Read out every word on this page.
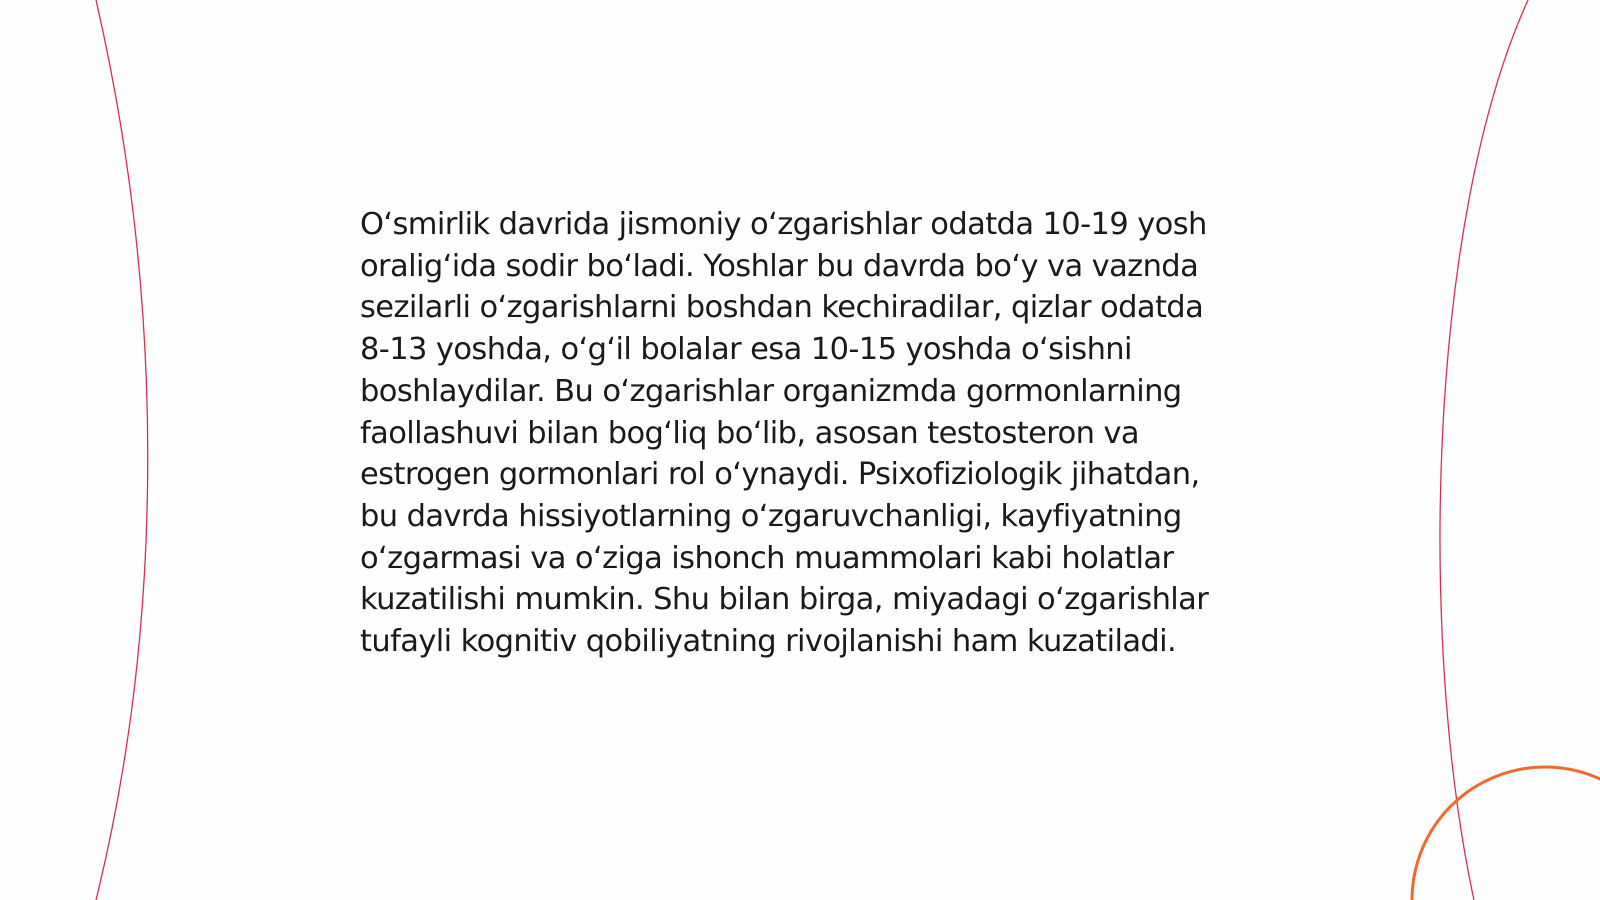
O‘smirlik davrida jismoniy o‘zgarishlar odatda 10-19 yosh oralig‘ida sodir bo‘ladi. Yoshlar bu davrda bo‘y va vaznda sezilarli o‘zgarishlarni boshdan kechiradilar, qizlar odatda 8-13 yoshda, o‘g‘il bolalar esa 10-15 yoshda o‘sishni boshlaydilar. Bu o‘zgarishlar organizmda gormonlarning faollashuvi bilan bog‘liq bo‘lib, asosan testosteron va estrogen gormonlari rol o‘ynaydi. Psixofiziologik jihatdan, bu davrda hissiyotlarning o‘zgaruvchanligi, kayfiyatning o‘zgarmasi va o‘ziga ishonch muammolari kabi holatlar kuzatilishi mumkin. Shu bilan birga, miyadagi o‘zgarishlar tufayli kognitiv qobiliyatning rivojlanishi ham kuzatiladi.
